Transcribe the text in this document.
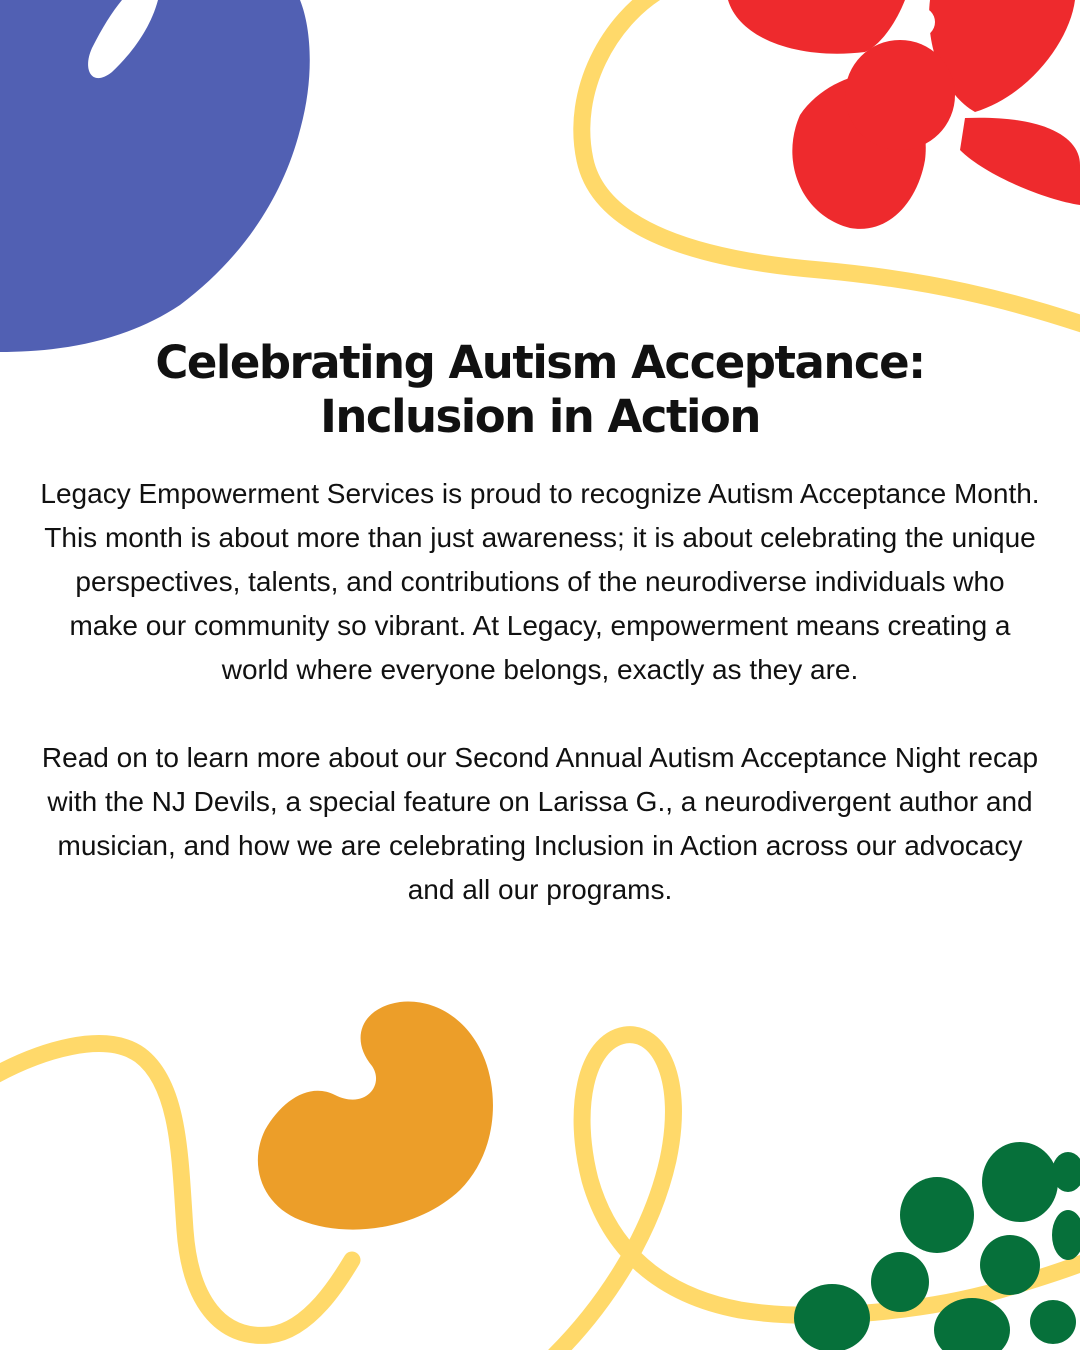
Celebrating Autism Acceptance:
Inclusion in Action

Legacy Empowerment Services is proud to recognize Autism Acceptance Month. This month is about more than just awareness; it is about celebrating the unique perspectives, talents, and contributions of the neurodiverse individuals who make our community so vibrant. At Legacy, empowerment means creating a world where everyone belongs, exactly as they are.

Read on to learn more about our Second Annual Autism Acceptance Night recap with the NJ Devils, a special feature on Larissa G., a neurodivergent author and musician, and how we are celebrating Inclusion in Action across our advocacy and all our programs.
